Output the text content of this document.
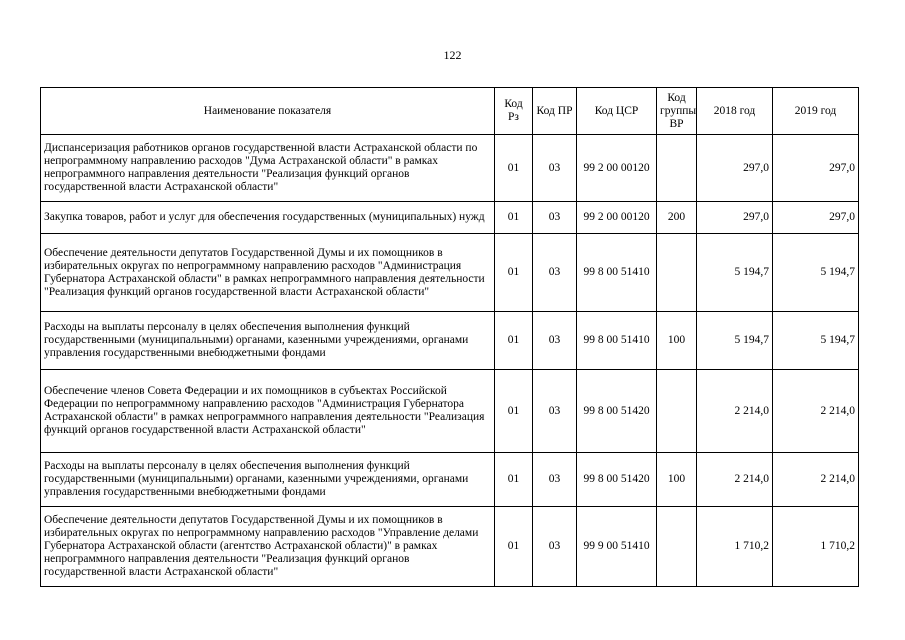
122
Наименование показателя	Код Рз	Код ПР	Код ЦСР	Код группы ВР	2018 год	2019 год
Диспансеризация работников органов государственной власти Астраханской области по непрограммному направлению расходов "Дума Астраханской области" в рамках непрограммного направления деятельности "Реализация функций органов государственной власти Астраханской области"	01	03	99 2 00 00120		297,0	297,0
Закупка товаров, работ и услуг для обеспечения государственных (муниципальных) нужд	01	03	99 2 00 00120	200	297,0	297,0
Обеспечение деятельности депутатов Государственной Думы и их помощников в избирательных округах по непрограммному направлению расходов "Администрация Губернатора Астраханской области" в рамках непрограммного направления деятельности "Реализация функций органов государственной власти Астраханской области"	01	03	99 8 00 51410		5 194,7	5 194,7
Расходы на выплаты персоналу в целях обеспечения выполнения функций государственными (муниципальными) органами, казенными учреждениями, органами управления государственными внебюджетными фондами	01	03	99 8 00 51410	100	5 194,7	5 194,7
Обеспечение членов Совета Федерации и их помощников в субъектах Российской Федерации по непрограммному направлению расходов "Администрация Губернатора Астраханской области" в рамках непрограммного направления деятельности "Реализация функций органов государственной власти Астраханской области"	01	03	99 8 00 51420		2 214,0	2 214,0
Расходы на выплаты персоналу в целях обеспечения выполнения функций государственными (муниципальными) органами, казенными учреждениями, органами управления государственными внебюджетными фондами	01	03	99 8 00 51420	100	2 214,0	2 214,0
Обеспечение деятельности депутатов Государственной Думы и их помощников в избирательных округах по непрограммному направлению расходов "Управление делами Губернатора Астраханской области (агентство Астраханской области)" в рамках непрограммного направления деятельности "Реализация функций органов государственной власти Астраханской области"	01	03	99 9 00 51410		1 710,2	1 710,2
